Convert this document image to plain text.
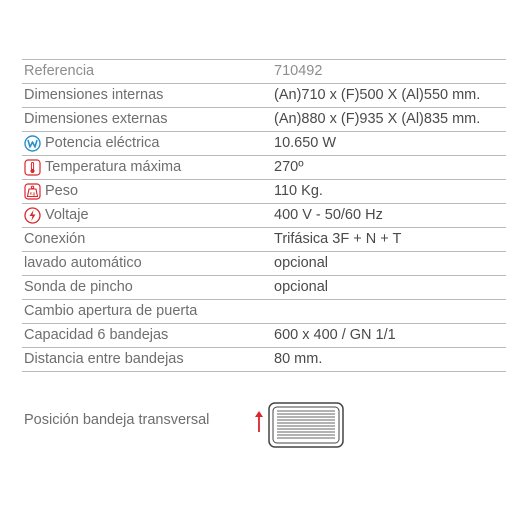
Referencia	710492
Dimensiones internas	(An)710 x (F)500 X (Al)550 mm.
Dimensiones externas	(An)880 x (F)935 X (Al)835 mm.
Potencia eléctrica	10.650 W
Temperatura máxima	270º
Kg Peso	110 Kg.
Voltaje	400 V - 50/60 Hz
Conexión	Trifásica 3F + N + T
lavado automático	opcional
Sonda de pincho	opcional
Cambio apertura de puerta
Capacidad 6 bandejas	600 x 400 / GN 1/1
Distancia entre bandejas	80 mm.
Posición bandeja transversal
